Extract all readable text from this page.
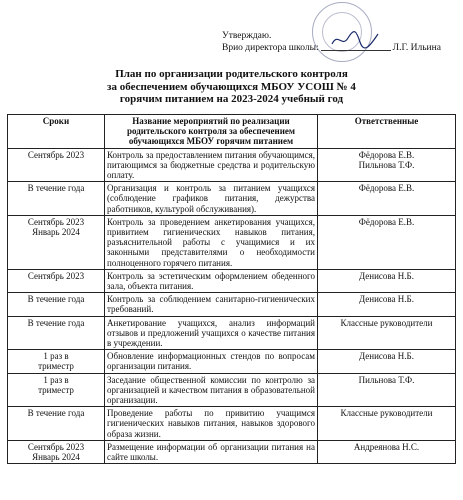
Утверждаю.
Врио директора школы:	Л.Г. Ильина
План по организации родительского контроля
за обеспечением обучающихся МБОУ УСОШ № 4
горячим питанием на 2023-2024 учебный год
Сроки	Название мероприятий по реализации родительского контроля за обеспечением обучающихся МБОУ горячим питанием	Ответственные
Сентябрь 2023	Контроль за предоставлением питания обучающимся, питающимся за бюджетные средства и родительскую оплату.	Фёдорова Е.В. Пильнова Т.Ф.
В течение года	Организация и контроль за питанием учащихся (соблюдение графиков питания, дежурства работников, культурой обслуживания).	Фёдорова Е.В.
Сентябрь 2023 Январь 2024	Контроль за проведением анкетирования учащихся, привитием гигиенических навыков питания, разъяснительной работы с учащимися и их законными представителями о необходимости полноценного горячего питания.	Фёдорова Е.В.
Сентябрь 2023	Контроль за эстетическим оформлением обеденного зала, объекта питания.	Денисова Н.Б.
В течение года	Контроль за соблюдением санитарно-гигиенических требований.	Денисова Н.Б.
В течение года	Анкетирование учащихся, анализ информаций отзывов и предложений учащихся о качестве питания в учреждении.	Классные руководители
1 раз в триместр	Обновление информационных стендов по вопросам организации питания.	Денисова Н.Б.
1 раз в триместр	Заседание общественной комиссии по контролю за организацией и качеством питания в образовательной организации.	Пильнова Т.Ф.
В течение года	Проведение работы по привитию учащимся гигиенических навыков питания, навыков здорового образа жизни.	Классные руководители
Сентябрь 2023 Январь 2024	Размещение информации об организации питания на сайте школы.	Андреянова Н.С.
